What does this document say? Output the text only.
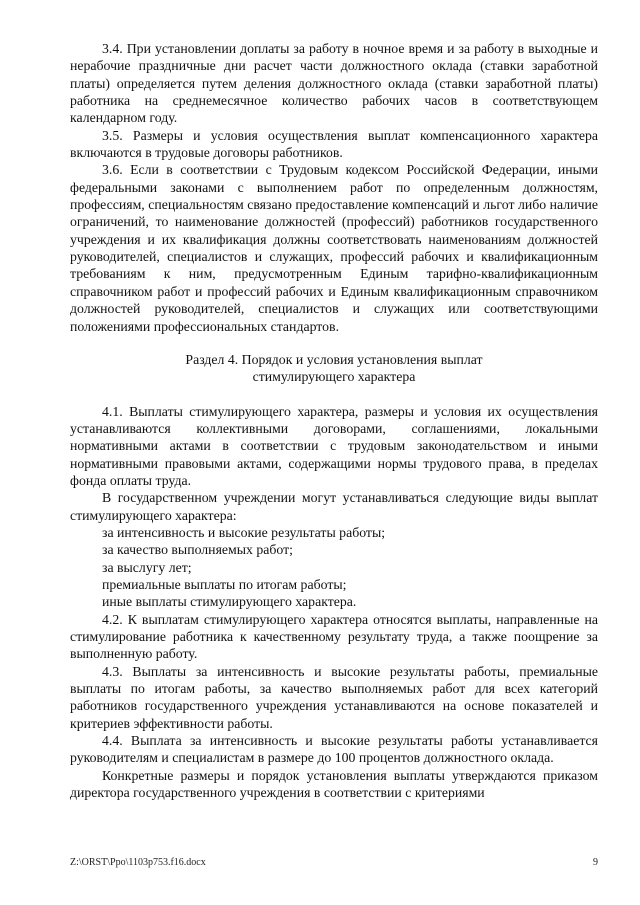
3.4. При установлении доплаты за работу в ночное время и за работу в выходные и нерабочие праздничные дни расчет части должностного оклада (ставки заработной платы) определяется путем деления должностного оклада (ставки заработной платы) работника на среднемесячное количество рабочих часов в соответствующем календарном году.

3.5. Размеры и условия осуществления выплат компенсационного характера включаются в трудовые договоры работников.

3.6. Если в соответствии с Трудовым кодексом Российской Федерации, иными федеральными законами с выполнением работ по определенным должностям, профессиям, специальностям связано предоставление компенсаций и льгот либо наличие ограничений, то наименование должностей (профессий) работников государственного учреждения и их квалификация должны соответствовать наименованиям должностей руководителей, специалистов и служащих, профессий рабочих и квалификационным требованиям к ним, предусмотренным Единым тарифно-квалификационным справочником работ и профессий рабочих и Единым квалификационным справочником должностей руководителей, специалистов и служащих или соответствующими положениями профессиональных стандартов.

Раздел 4. Порядок и условия установления выплат
стимулирующего характера

4.1. Выплаты стимулирующего характера, размеры и условия их осуществления устанавливаются коллективными договорами, соглашениями, локальными нормативными актами в соответствии с трудовым законодательством и иными нормативными правовыми актами, содержащими нормы трудового права, в пределах фонда оплаты труда.

В государственном учреждении могут устанавливаться следующие виды выплат стимулирующего характера:

за интенсивность и высокие результаты работы;

за качество выполняемых работ;

за выслугу лет;

премиальные выплаты по итогам работы;

иные выплаты стимулирующего характера.

4.2. К выплатам стимулирующего характера относятся выплаты, направленные на стимулирование работника к качественному результату труда, а также поощрение за выполненную работу.

4.3. Выплаты за интенсивность и высокие результаты работы, премиальные выплаты по итогам работы, за качество выполняемых работ для всех категорий работников государственного учреждения устанавливаются на основе показателей и критериев эффективности работы.

4.4. Выплата за интенсивность и высокие результаты работы устанавливается руководителям и специалистам в размере до 100 процентов должностного оклада.

Конкретные размеры и порядок установления выплаты утверждаются приказом директора государственного учреждения в соответствии с критериями

Z:\ORST\Ppo\1103p753.f16.docx	9
